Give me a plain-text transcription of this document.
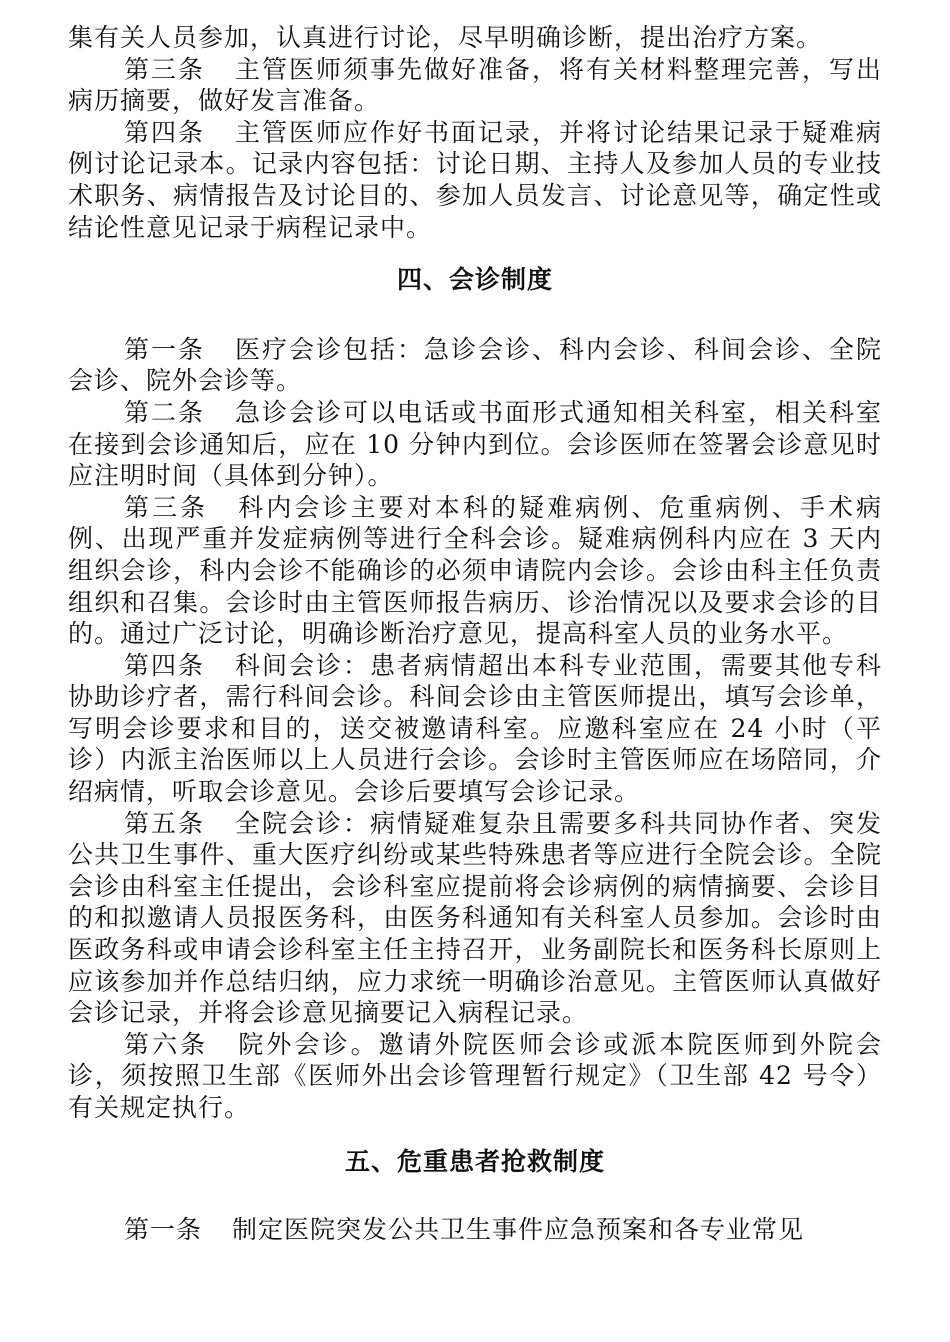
集有关人员参加，认真进行讨论，尽早明确诊断，提出治疗方案。

第三条 主管医师须事先做好准备，将有关材料整理完善，写出病历摘要，做好发言准备。

第四条 主管医师应作好书面记录，并将讨论结果记录于疑难病例讨论记录本。记录内容包括：讨论日期、主持人及参加人员的专业技术职务、病情报告及讨论目的、参加人员发言、讨论意见等，确定性或结论性意见记录于病程记录中。

四、会诊制度

第一条 医疗会诊包括：急诊会诊、科内会诊、科间会诊、全院会诊、院外会诊等。

第二条 急诊会诊可以电话或书面形式通知相关科室，相关科室在接到会诊通知后，应在 10 分钟内到位。会诊医师在签署会诊意见时应注明时间（具体到分钟）。

第三条 科内会诊主要对本科的疑难病例、危重病例、手术病例、出现严重并发症病例等进行全科会诊。疑难病例科内应在 3 天内组织会诊，科内会诊不能确诊的必须申请院内会诊。会诊由科主任负责组织和召集。会诊时由主管医师报告病历、诊治情况以及要求会诊的目的。通过广泛讨论，明确诊断治疗意见，提高科室人员的业务水平。

第四条 科间会诊：患者病情超出本科专业范围，需要其他专科协助诊疗者，需行科间会诊。科间会诊由主管医师提出，填写会诊单，写明会诊要求和目的，送交被邀请科室。应邀科室应在 24 小时（平诊）内派主治医师以上人员进行会诊。会诊时主管医师应在场陪同，介绍病情，听取会诊意见。会诊后要填写会诊记录。

第五条 全院会诊：病情疑难复杂且需要多科共同协作者、突发公共卫生事件、重大医疗纠纷或某些特殊患者等应进行全院会诊。全院会诊由科室主任提出，会诊科室应提前将会诊病例的病情摘要、会诊目的和拟邀请人员报医务科，由医务科通知有关科室人员参加。会诊时由医政务科或申请会诊科室主任主持召开，业务副院长和医务科长原则上应该参加并作总结归纳，应力求统一明确诊治意见。主管医师认真做好会诊记录，并将会诊意见摘要记入病程记录。

第六条 院外会诊。邀请外院医师会诊或派本院医师到外院会诊，须按照卫生部《医师外出会诊管理暂行规定》（卫生部 42 号令）有关规定执行。

五、危重患者抢救制度

第一条 制定医院突发公共卫生事件应急预案和各专业常见
